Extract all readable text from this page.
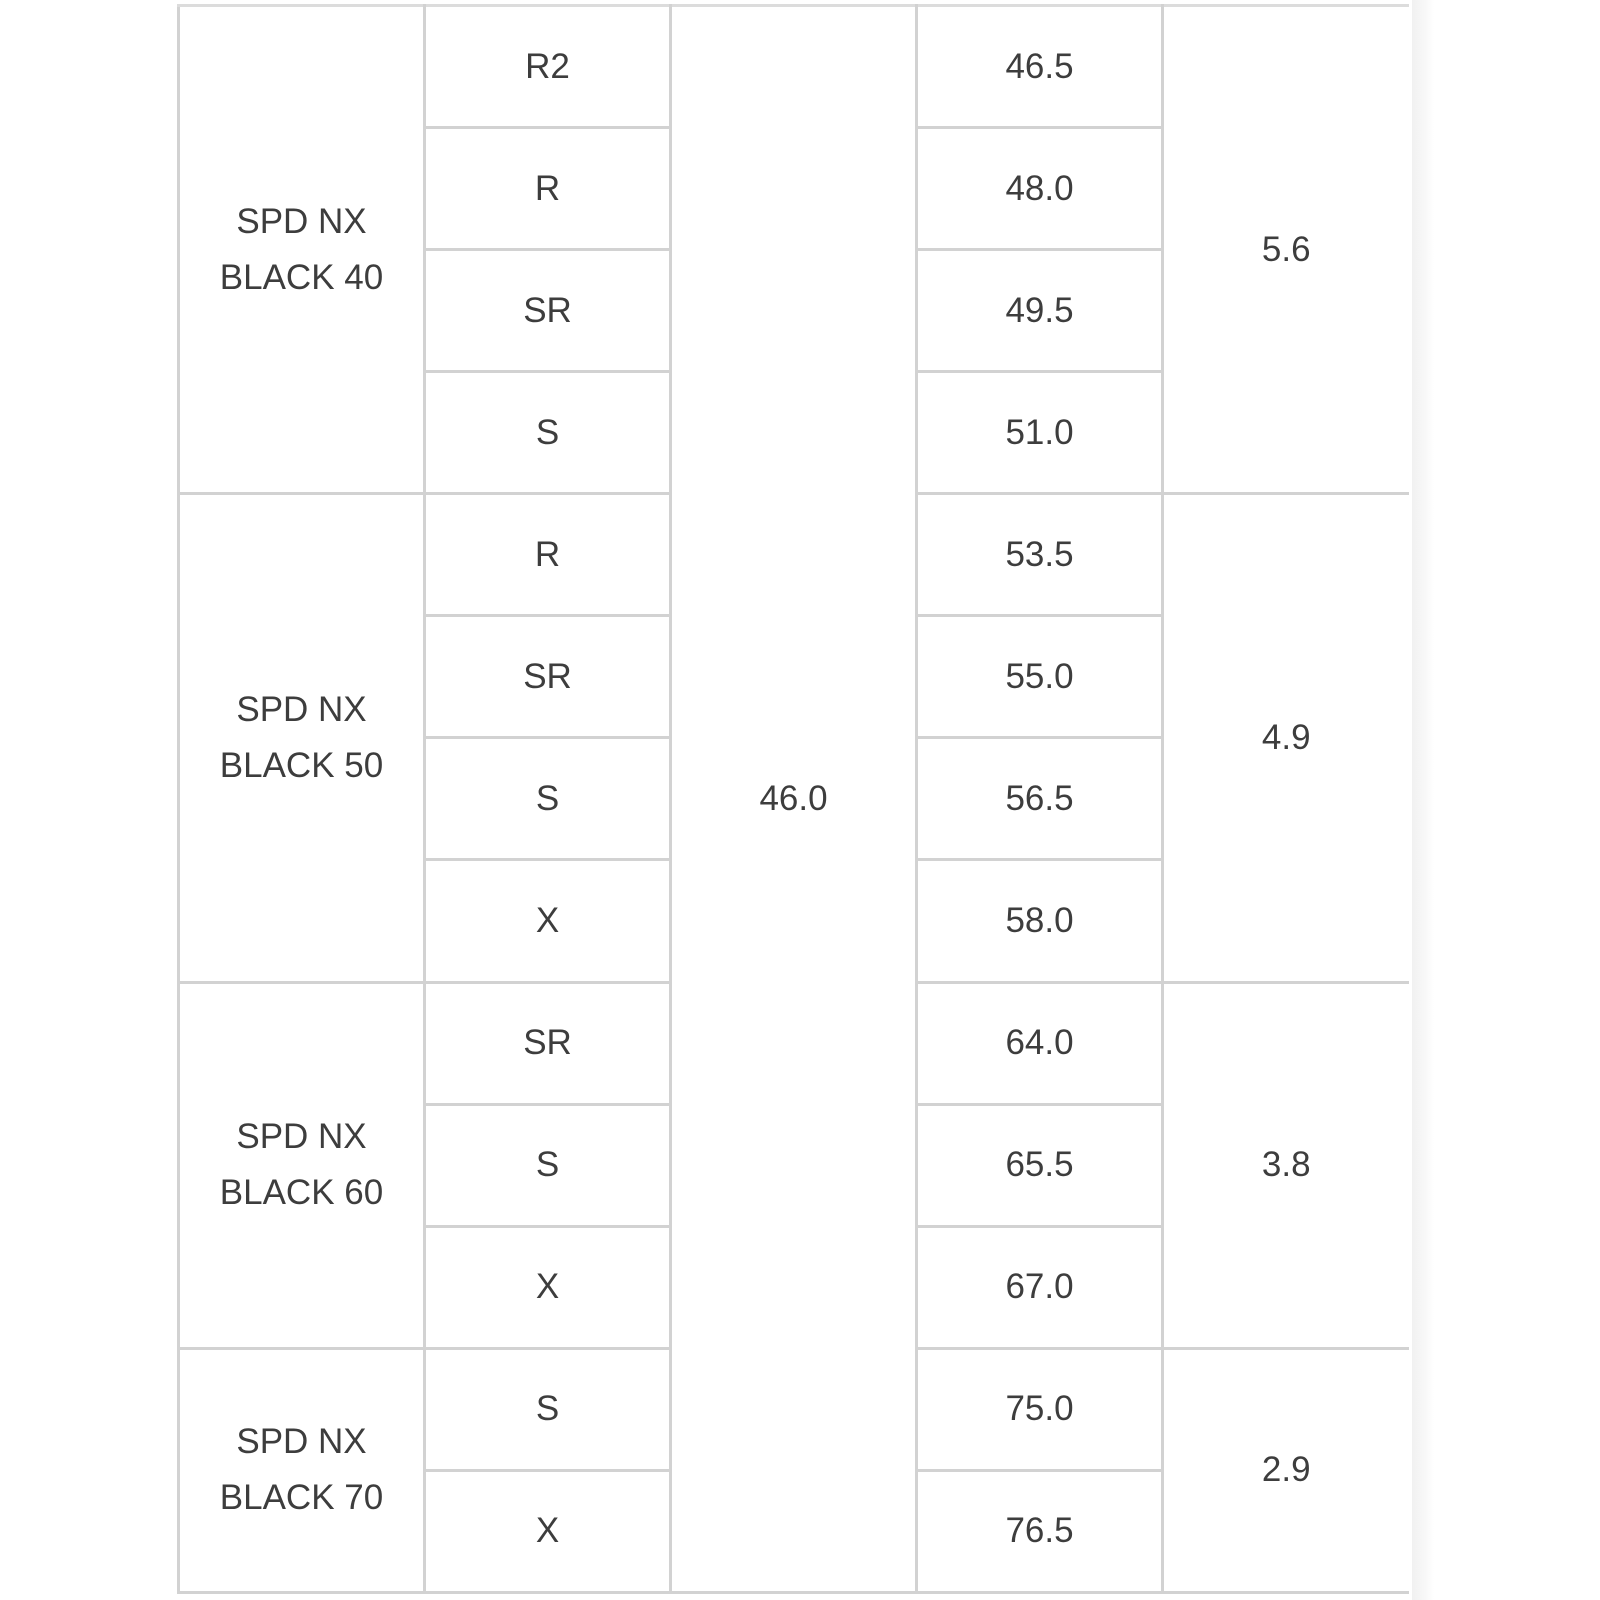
SPD NX
BLACK 40	R2	46.0	46.5	5.6
	R		48.0	
	SR		49.5	
	S		51.0	

SPD NX
BLACK 50	R		53.5	4.9
	SR		55.0	
	S		56.5	
	X		58.0	

SPD NX
BLACK 60	SR		64.0	3.8
	S		65.5	
	X		67.0	

SPD NX
BLACK 70	S		75.0	2.9
	X		76.5	
